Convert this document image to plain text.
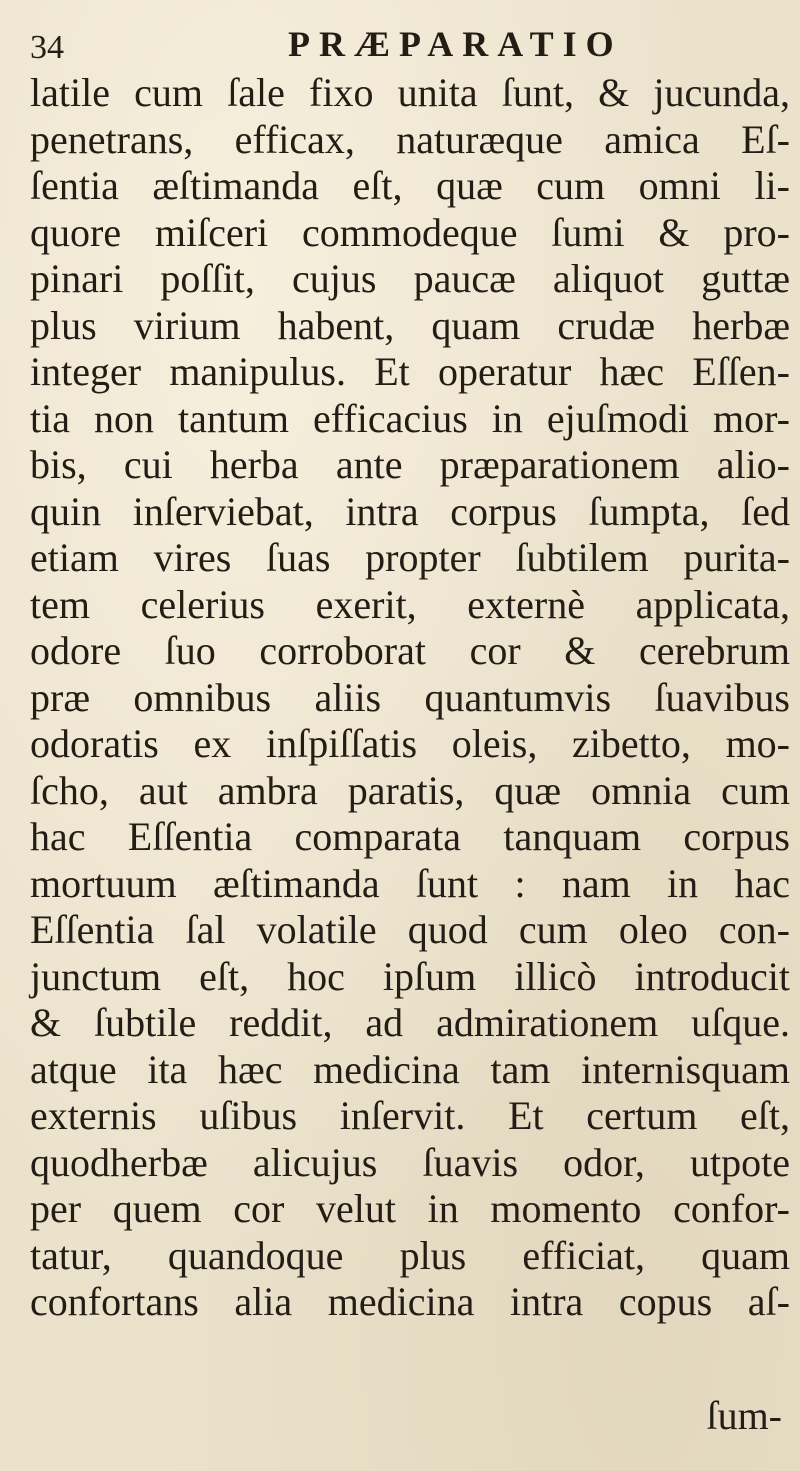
34	PRÆPARATIO
latile cum ſale fixo unita ſunt, & jucunda,
penetrans, efficax, naturæque amica Eſ-
ſentia æſtimanda eſt, quæ cum omni li-
quore miſceri commodeque ſumi & pro-
pinari poſſit, cujus paucæ aliquot guttæ
plus virium habent, quam crudæ herbæ
integer manipulus. Et operatur hæc Eſſen-
tia non tantum efficacius in ejuſmodi mor-
bis, cui herba ante præparationem alio-
quin inſerviebat, intra corpus ſumpta, ſed
etiam vires ſuas propter ſubtilem purita-
tem celerius exerit, externè applicata,
odore ſuo corroborat cor & cerebrum
præ omnibus aliis quantumvis ſuavibus
odoratis ex inſpiſſatis oleis, zibetto, mo-
ſcho, aut ambra paratis, quæ omnia cum
hac Eſſentia comparata tanquam corpus
mortuum æſtimanda ſunt : nam in hac
Eſſentia ſal volatile quod cum oleo con-
junctum eſt, hoc ipſum illicò introducit
& ſubtile reddit, ad admirationem uſque.
atque ita hæc medicina tam internisquam
externis uſibus inſervit. Et certum eſt,
quodherbæ alicujus ſuavis odor, utpote
per quem cor velut in momento confor-
tatur, quandoque plus efficiat, quam
confortans alia medicina intra copus aſ-
ſum-
